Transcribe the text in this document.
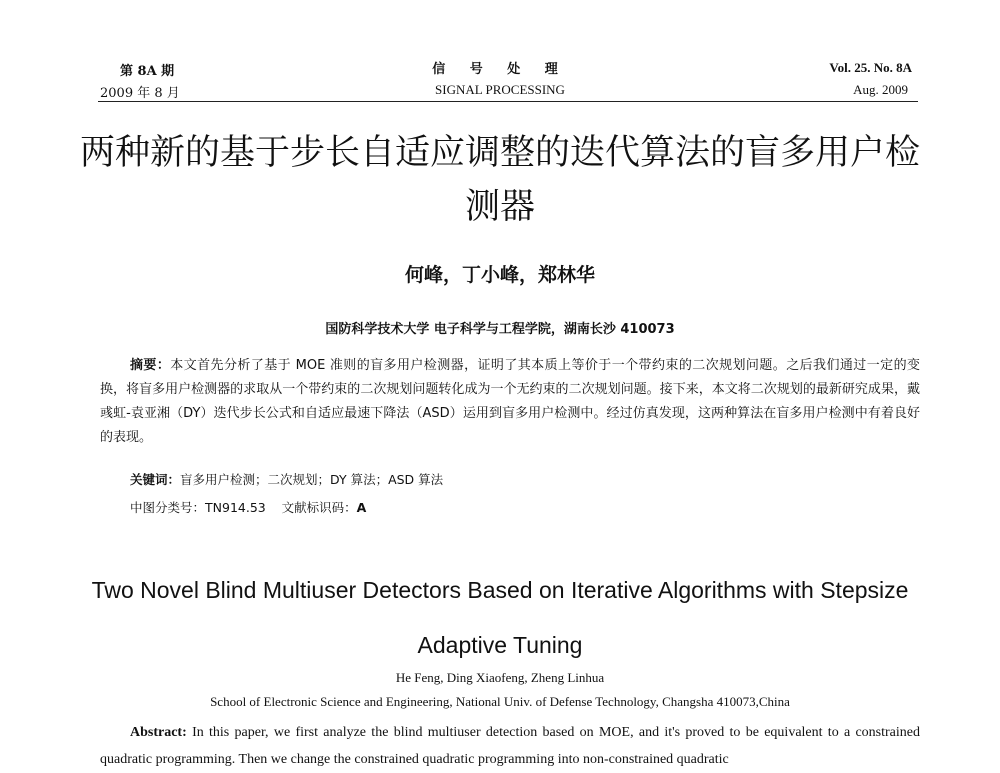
第 8A 期
2009 年 8 月
信 号 处 理
SIGNAL PROCESSING
Vol. 25. No. 8A
Aug. 2009
两种新的基于步长自适应调整的迭代算法的盲多用户检测器
何峰，丁小峰，郑林华
国防科学技术大学 电子科学与工程学院，湖南长沙 410073
摘要：本文首先分析了基于 MOE 准则的盲多用户检测器，证明了其本质上等价于一个带约束的二次规划问题。之后我们通过一定的变换，将盲多用户检测器的求取从一个带约束的二次规划问题转化成为一个无约束的二次规划问题。接下来，本文将二次规划的最新研究成果，戴彧虹-袁亚湘（DY）迭代步长公式和自适应最速下降法（ASD）运用到盲多用户检测中。经过仿真发现，这两种算法在盲多用户检测中有着良好的表现。
关键词：盲多用户检测；二次规划；DY 算法；ASD 算法
中图分类号：TN914.53 文献标识码：A
Two Novel Blind Multiuser Detectors Based on Iterative Algorithms with Stepsize Adaptive Tuning
He Feng, Ding Xiaofeng, Zheng Linhua
School of Electronic Science and Engineering, National Univ. of Defense Technology, Changsha 410073,China
Abstract: In this paper, we first analyze the blind multiuser detection based on MOE, and it's proved to be equivalent to a constrained quadratic programming. Then we change the constrained quadratic programming into non-constrained quadratic
